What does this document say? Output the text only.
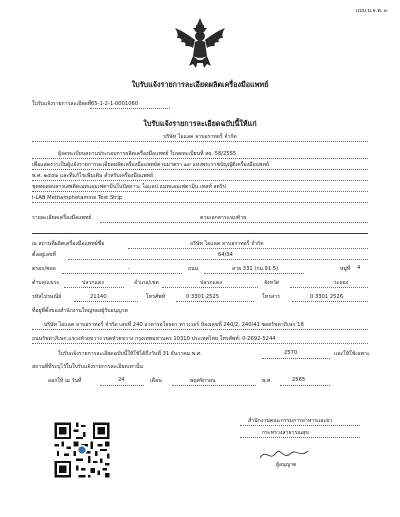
แบบ บ.จ.พ. ๓
ใบรับแจ้งรายการละเอียดผลิตเครื่องมือแพทย์
ใบรับแจ้งรายการละเอียดที่ 65-1-2-1-0001060
ใบรับแจ้งรายการละเอียดฉบับนี้ให้แก่
บริษัท ไอแลค ลาบอราทอรี่ จำกัด
ผู้จดทะเบียนสถานประกอบการผลิตเครื่องมือแพทย์ ใบจดทะเบียนที่ สผ. 58/2555
เพื่อแสดงว่าเป็นผู้แจ้งรายการละเอียดผลิตเครื่องมือแพทย์ตามมาตรา ๑๙ แห่งพระราชบัญญัติเครื่องมือแพทย์
พ.ศ. ๒๕๕๑ และที่แก้ไขเพิ่มเติม สำหรับเครื่องมือแพทย์
ชุดทดสอบสารเสพติดเมทแอมเฟตามีนในปัสสาวะ ไอแลป แมทแอมเฟตามีน เทสท์ สตริป
I-LAB Methamphetamine Test Strip
รายละเอียดเครื่องมือแพทย์	ตามเอกสารแนบท้าย
ณ สถานที่ผลิตเครื่องมือแพทย์ชื่อ	บริษัท ไอแลค ลาบอราทอรี่ จำกัด
ตั้งอยู่เลขที่	64/34
ตรอก/ซอย	-	ถนน	สาย 331 (กม.91.5)	หมู่ที่ 4
ตำบล/แขวง	ปลวกแดง	อำเภอ/เขต	ปลวกแดง	จังหวัด	ระยอง
รหัสไปรษณีย์	21140	โทรศัพท์	0 3301 2525	โทรสาร	0 3301 2526
ที่อยู่ที่ตั้งของสำนักงานใหญ่ของผู้รับอนุญาต
บริษัท ไอแลค ลาบอราทอรี่ จำกัด เลขที่ 240 อาคารอโยธยา ทาวเวอร์ ห้องเลขที่ 240/2, 240/41 ซอยรัชดาภิเษก 18
ถนนรัชดาภิเษก แขวงห้วยขวาง เขตห้วยขวาง กรุงเทพมหานคร 10310 ประเทศไทย โทรศัพท์: 0-2692-5244
ใบรับแจ้งรายการละเอียดฉบับนี้ให้ใช้ได้ถึงวันที่ 31 ธันวาคม พ.ศ.	2570	และให้ใช้เฉพาะ
สถานที่ที่ระบุไว้ในใบรับแจ้งรายการละเอียดเท่านั้น
ออกให้ ณ วันที่	24	เดือน	พฤศจิกายน	พ.ศ.	2565
สำนักงานคณะกรรมการอาหารและยา
กระทรวงสาธารณสุข
ผู้อนุญาต
